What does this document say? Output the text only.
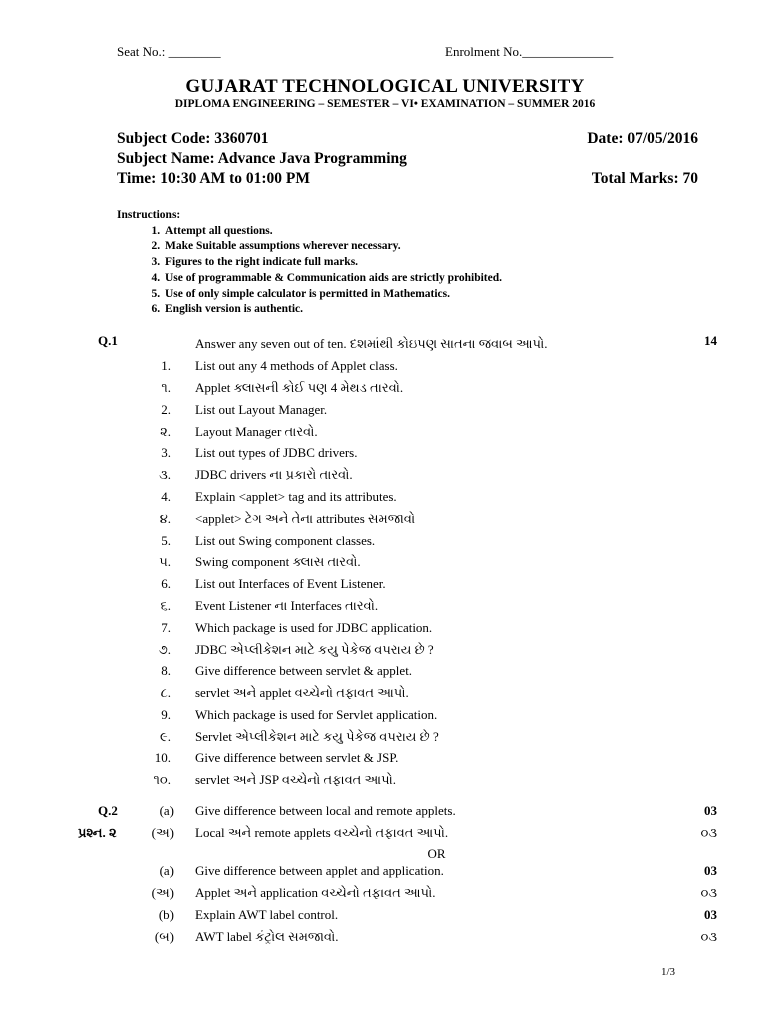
Seat No.: ________	Enrolment No.______________
GUJARAT TECHNOLOGICAL UNIVERSITY
DIPLOMA ENGINEERING – SEMESTER – VI• EXAMINATION – SUMMER 2016
Subject Code: 3360701	Date: 07/05/2016
Subject Name: Advance Java Programming
Time: 10:30 AM to 01:00 PM	Total Marks: 70
Instructions:
1. Attempt all questions.
2. Make Suitable assumptions wherever necessary.
3. Figures to the right indicate full marks.
4. Use of programmable & Communication aids are strictly prohibited.
5. Use of only simple calculator is permitted in Mathematics.
6. English version is authentic.
Q.1	Answer any seven out of ten. દશમાંથી કોઇપણ સાતના જવાબ આપો.	14
1. List out any 4 methods of Applet class.
૧. Applet ક્લાસની કોઈ પણ 4 મેથડ તારવો.
2. List out Layout Manager.
૨. Layout Manager તારવો.
3. List out types of JDBC drivers.
૩. JDBC drivers ના પ્રકારો તારવો.
4. Explain <applet> tag and its attributes.
૪. <applet> ટેગ અને તેના attributes સમજાવો
5. List out Swing component classes.
૫. Swing component ક્લાસ તારવો.
6. List out Interfaces of Event Listener.
૬. Event Listener ના Interfaces તારવો.
7. Which package is used for JDBC application.
૭. JDBC એપ્લીકેશન માટે કયુ પેકેજ વપરાય છે ?
8. Give difference between servlet & applet.
૮. servlet અને applet વચ્ચેનો તફાવત આપો.
9. Which package is used for Servlet application.
૯. Servlet એપ્લીકેશન માટે કયુ પેકેજ વપરાય છે ?
10. Give difference between servlet & JSP.
૧૦. servlet અને JSP વચ્ચેનો તફાવત આપો.
Q.2
પ્રશ્ન. ૨
(a) Give difference between local and remote applets.	03
(અ) Local અને remote applets વચ્ચેનો તફાવત આપો.	૦૩
OR
(a) Give difference between applet and application.	03
(અ) Applet અને application વચ્ચેનો તફાવત આપો.	૦૩
(b) Explain AWT label control.	03
(બ) AWT label કંટ્રોલ સમજાવો.	૦૩
1/3
